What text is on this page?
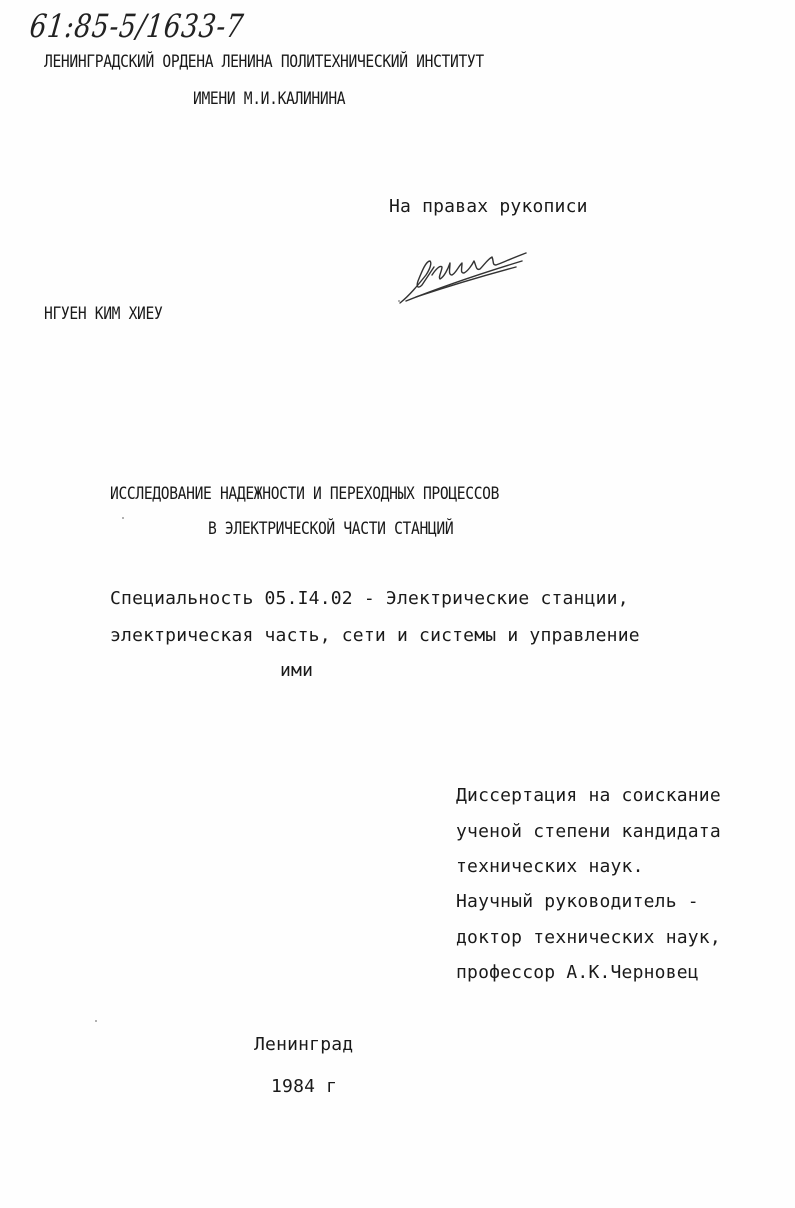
61:85-5/1633-7
ЛЕНИНГРАДСКИЙ ОРДЕНА ЛЕНИНА ПОЛИТЕХНИЧЕСКИЙ ИНСТИТУТ
ИМЕНИ М.И.КАЛИНИНА
На правах рукописи
НГУЕН КИМ ХИЕУ
ИССЛЕДОВАНИЕ НАДЕЖНОСТИ И ПЕРЕХОДНЫХ ПРОЦЕССОВ
В ЭЛЕКТРИЧЕСКОЙ ЧАСТИ СТАНЦИЙ
Специальность 05.I4.02 - Электрические станции,
электрическая часть, сети и системы и управление
ими
Диссертация на соискание
ученой степени кандидата
технических наук.
Научный руководитель -
доктор технических наук,
профессор А.К.Черновец
Ленинград
1984 г
